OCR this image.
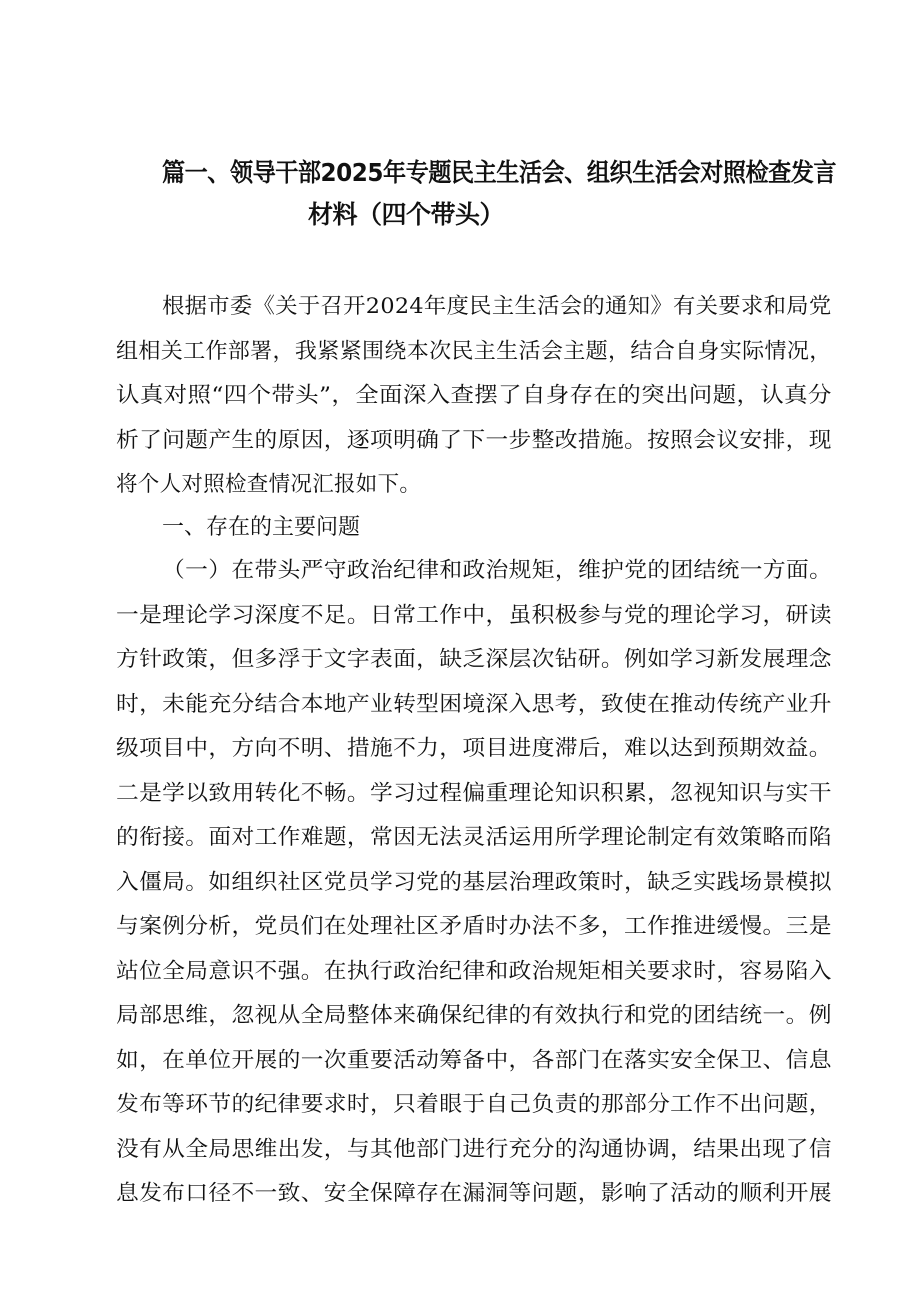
篇一、领导干部2025年专题民主生活会、组织生活会对照检查发言
材料（四个带头）
根据市委《关于召开2024年度民主生活会的通知》有关要求和局党
组相关工作部署，我紧紧围绕本次民主生活会主题，结合自身实际情况，
认真对照“四个带头”，全面深入查摆了自身存在的突出问题，认真分
析了问题产生的原因，逐项明确了下一步整改措施。按照会议安排，现
将个人对照检查情况汇报如下。
一、存在的主要问题
（一）在带头严守政治纪律和政治规矩，维护党的团结统一方面。
一是理论学习深度不足。日常工作中，虽积极参与党的理论学习，研读
方针政策，但多浮于文字表面，缺乏深层次钻研。例如学习新发展理念
时，未能充分结合本地产业转型困境深入思考，致使在推动传统产业升
级项目中，方向不明、措施不力，项目进度滞后，难以达到预期效益。
二是学以致用转化不畅。学习过程偏重理论知识积累，忽视知识与实干
的衔接。面对工作难题，常因无法灵活运用所学理论制定有效策略而陷
入僵局。如组织社区党员学习党的基层治理政策时，缺乏实践场景模拟
与案例分析，党员们在处理社区矛盾时办法不多，工作推进缓慢。三是
站位全局意识不强。在执行政治纪律和政治规矩相关要求时，容易陷入
局部思维，忽视从全局整体来确保纪律的有效执行和党的团结统一。例
如，在单位开展的一次重要活动筹备中，各部门在落实安全保卫、信息
发布等环节的纪律要求时，只着眼于自己负责的那部分工作不出问题，
没有从全局思维出发，与其他部门进行充分的沟通协调，结果出现了信
息发布口径不一致、安全保障存在漏洞等问题，影响了活动的顺利开展
